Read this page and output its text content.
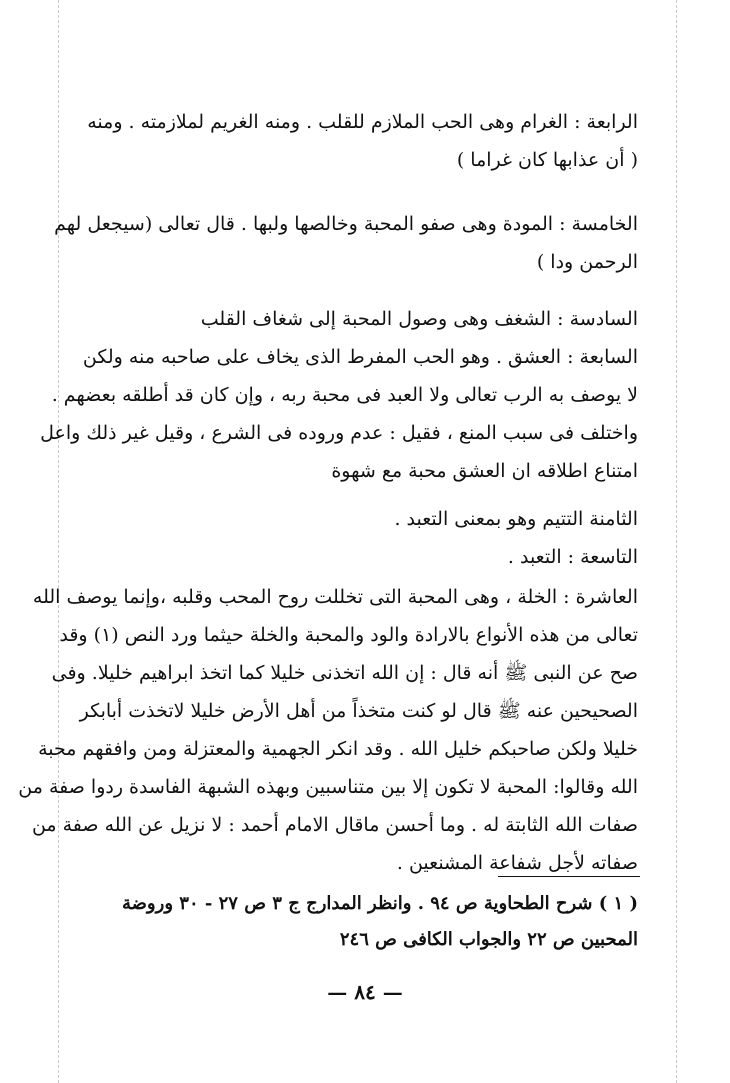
الرابعة : الغرام وهى الحب الملازم للقلب . ومنه الغريم لملازمته . ومنه
( أن عذابها كان غراما )
الخامسة : المودة وهى صفو المحبة وخالصها ولبها . قال تعالى (سيجعل لهم
الرحمن ودا )
السادسة : الشغف وهى وصول المحبة إلى شغاف القلب
السابعة : العشق . وهو الحب المفرط الذى يخاف على صاحبه منه ولكن
لا يوصف به الرب تعالى ولا العبد فى محبة ربه ، وإن كان قد أطلقه بعضهم .
واختلف فى سبب المنع ، فقيل : عدم وروده فى الشرع ، وقيل غير ذلك واعل
امتناع اطلاقه ان العشق محبة مع شهوة
الثامنة التتيم وهو بمعنى التعبد .
التاسعة : التعبد .
العاشرة : الخلة ، وهى المحبة التى تخللت روح المحب وقلبه ،وإنما يوصف الله
تعالى من هذه الأنواع بالارادة والود والمحبة والخلة حيثما ورد النص (١) وقد
صح عن النبى ﷺ أنه قال : إن الله اتخذنى خليلا كما اتخذ ابراهيم خليلا. وفى
الصحيحين عنه ﷺ قال لو كنت متخذاً من أهل الأرض خليلا لاتخذت أبابكر
خليلا ولكن صاحبكم خليل الله . وقد انكر الجهمية والمعتزلة ومن وافقهم محبة
الله وقالوا: المحبة لا تكون إلا بين متناسبين وبهذه الشبهة الفاسدة ردوا صفة من
صفات الله الثابتة له . وما أحسن ماقال الامام أحمد : لا نزيل عن الله صفة من
صفاته لأجل شفاعة المشنعين .
( ١ ) شرح الطحاوية ص ٩٤ . وانظر المدارج ج ٣ ص ٢٧ - ٣٠ وروضة
المحبين ص ٢٢ والجواب الكافى ص ٢٤٦
— ٨٤ —
